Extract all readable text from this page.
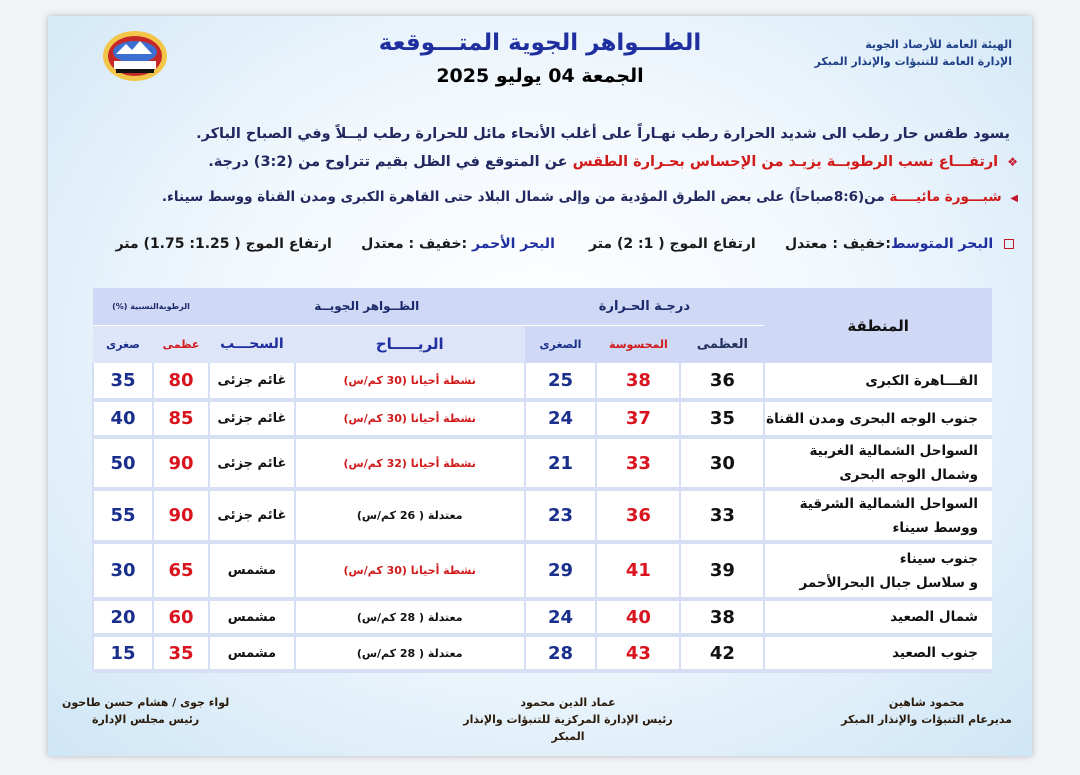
الهيئة العامة للأرصاد الجوية
الإدارة العامة للتنبؤات والإنذار المبكر
الظـــواهر الجوية المتـــوقعة
الجمعة 04 يوليو 2025
يسود طقس حار رطب الى شديد الحرارة رطب نهـاراً على أغلب الأنحاء مائل للحرارة رطب ليــلاً وفي الصباح الباكر.
❖ ارتفـــاع نسب الرطوبــة يزيـد من الإحساس بحـرارة الطقس عن المتوقع في الظل بقيم تتراوح من (3:2) درجة.
◀ شبـــورة مائيــــة من(8:6صباحاً) على بعض الطرق المؤدية من وإلى شمال البلاد حتى القاهرة الكبرى ومدن القناة ووسط سيناء.
البحر المتوسط:خفيف : معتدل      ارتفاع الموج ( 1: 2) متر       البحر الأحمر :خفيف : معتدل      ارتفاع الموج ( 1.25: 1.75) متر
المنطقة	درجـة الحـرارة			الظــواهر الجويــة		الرطوبةالنسبية (%)	
	العظمى	المحسوسة	الصغرى	الريـــــاح	السحـــب	عظمى	صغرى
القـــاهرة الكبرى	36	38	25	نشطة أحيانا (30 كم/س)	غائم جزئى	80	35
جنوب الوجه البحرى ومدن القناة	35	37	24	نشطة أحيانا (30 كم/س)	غائم جزئى	85	40
السواحل الشمالية الغربية
وشمال الوجه البحرى	30	33	21	نشطة أحيانا (32 كم/س)	غائم جزئى	90	50
السواحل الشمالية الشرقية
ووسط سيناء	33	36	23	معتدلة ( 26 كم/س)	غائم جزئى	90	55
جنوب سيناء
و سلاسل جبال البحرالأحمر	39	41	29	نشطة أحيانا (30 كم/س)	مشمس	65	30
شمال الصعيد	38	40	24	معتدلة ( 28 كم/س)	مشمس	60	20
جنوب الصعيد	42	43	28	معتدلة ( 28 كم/س)	مشمس	35	15
محمود شاهين
مديرعام التنبؤات والإنذار المبكر
عماد الدين محمود
رئيس الإدارة المركزية للتنبؤات والإنذار المبكر
لواء جوى / هشام حسن طاحون
رئيس مجلس الإدارة
